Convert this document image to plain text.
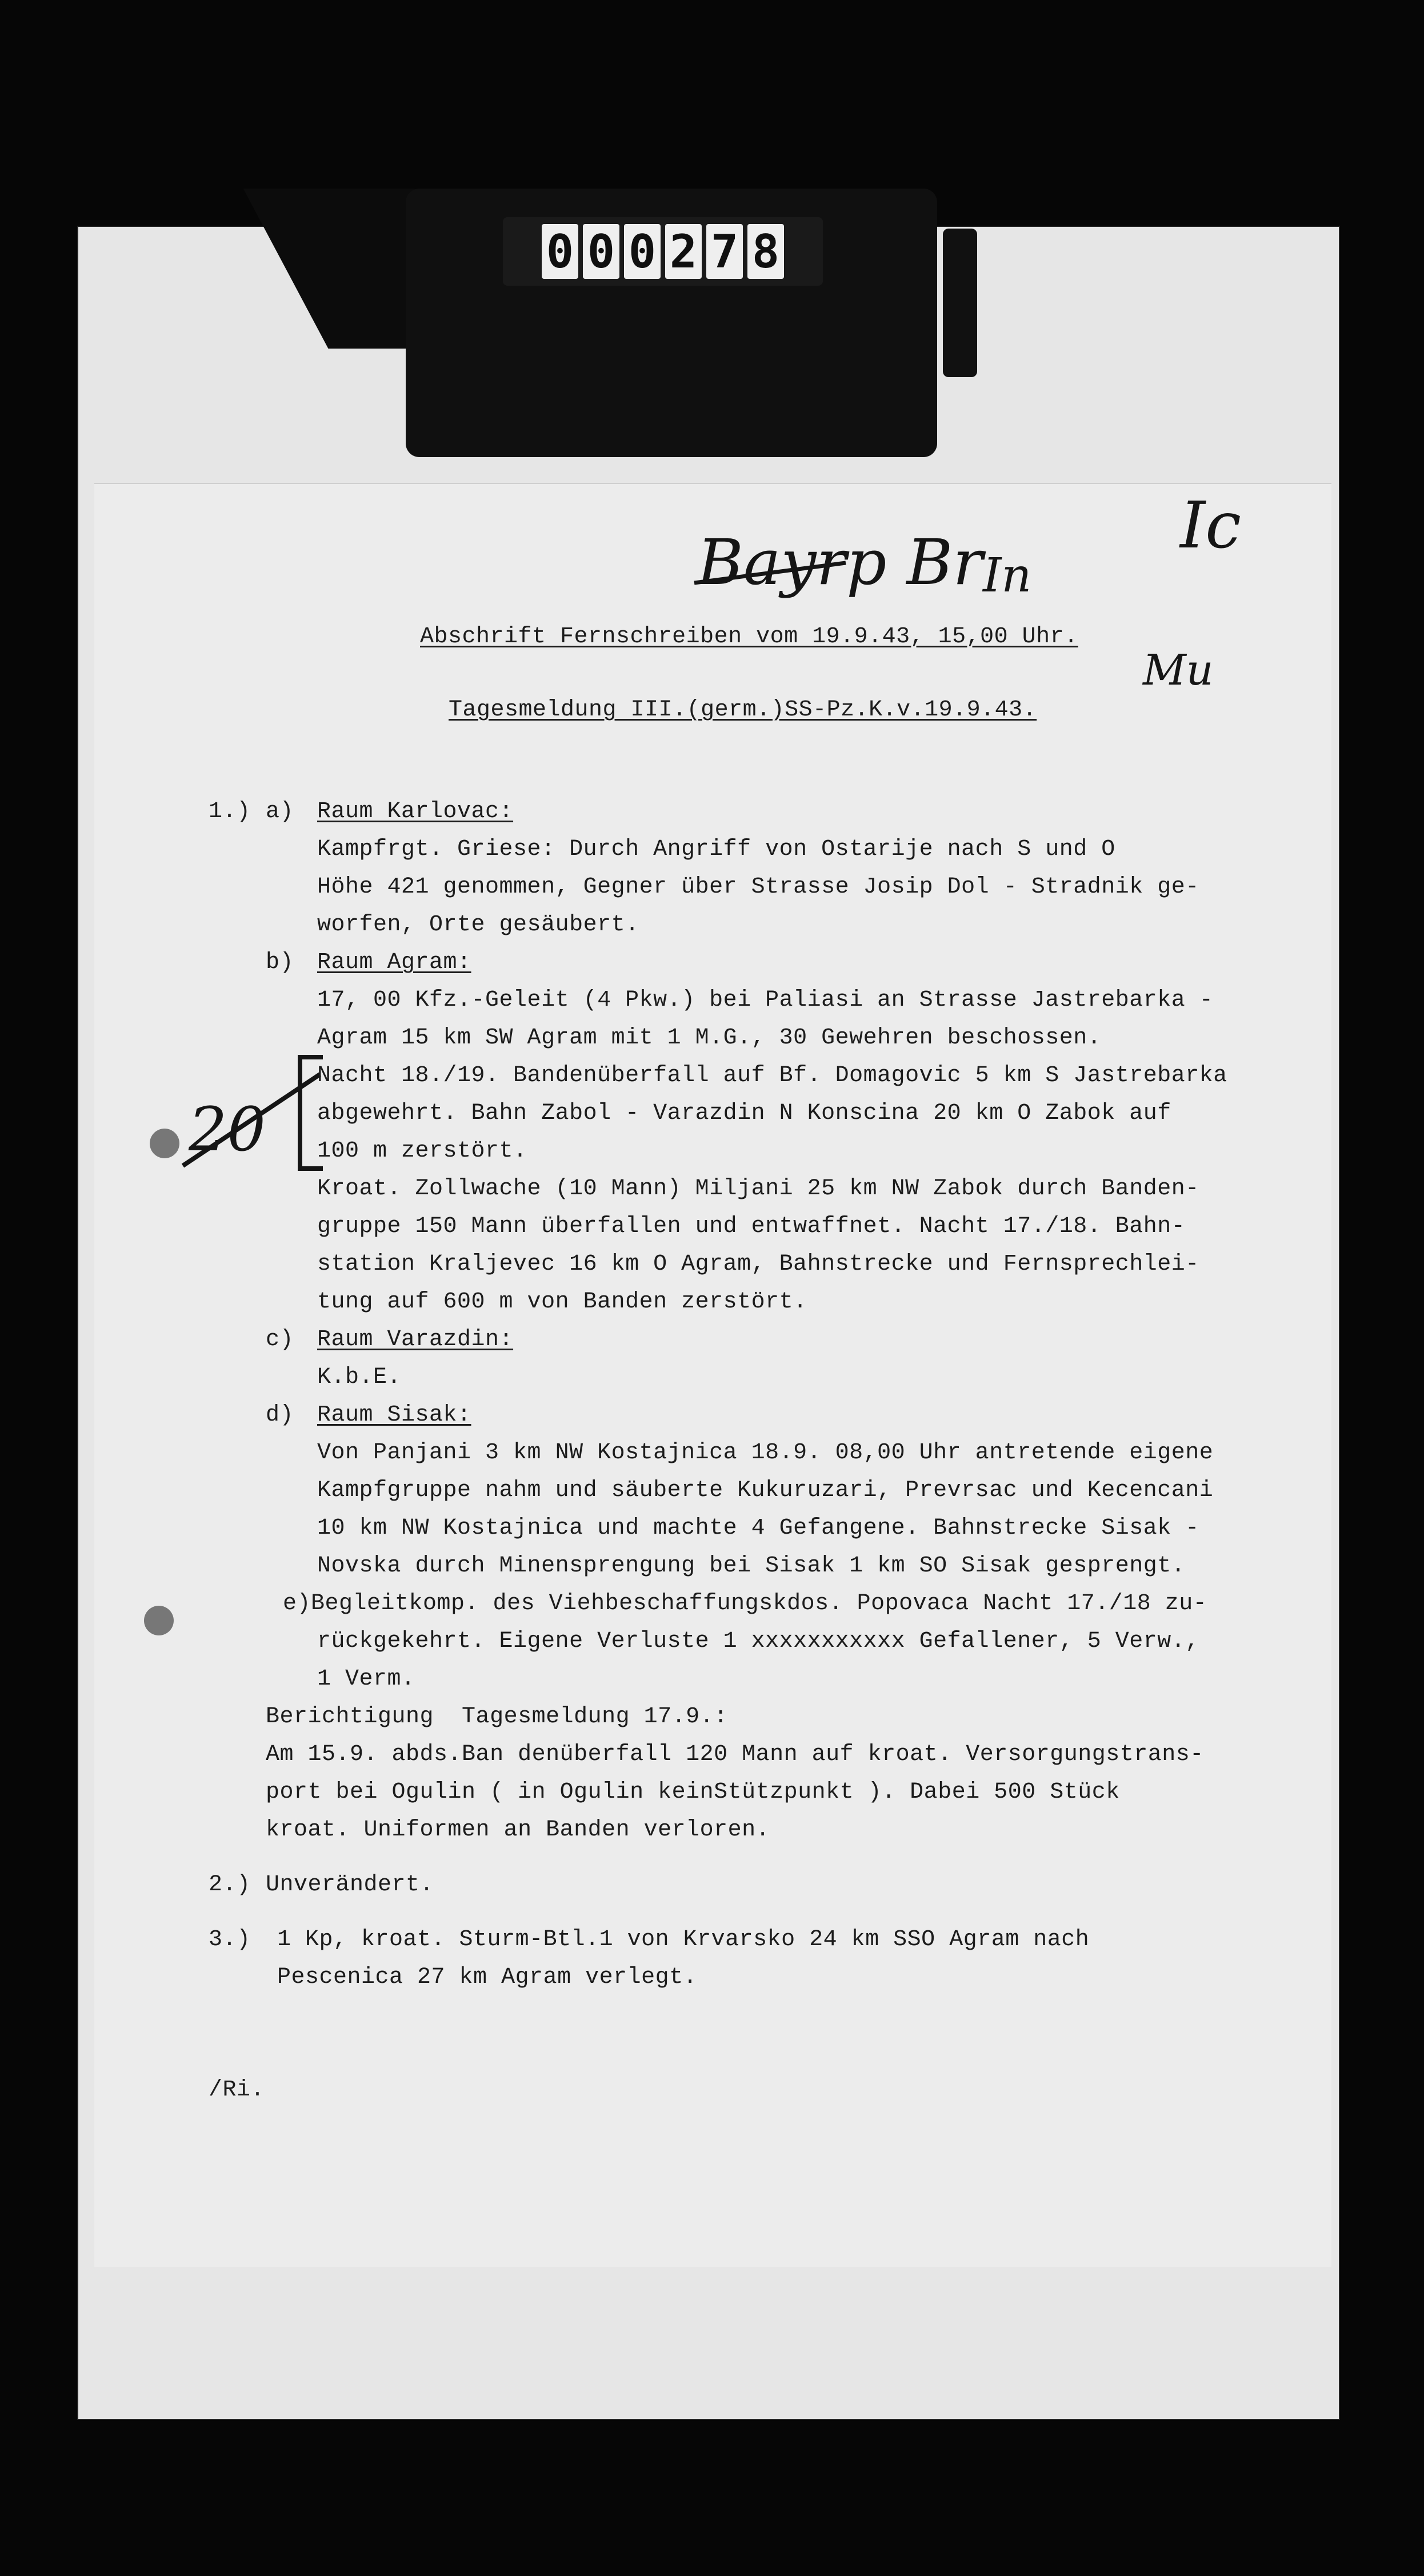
0 0 0 2 7 8
Bayrp Br In
Ic
Mu
20
Abschrift Fernschreiben vom 19.9.43, 15,00 Uhr.
Tagesmeldung III.(germ.)SS-Pz.K.v.19.9.43.
1.) a) Raum Karlovac:
Kampfrgt. Griese: Durch Angriff von Ostarije nach S und O
Höhe 421 genommen, Gegner über Strasse Josip Dol - Stradnik ge-
worfen, Orte gesäubert.
b) Raum Agram:
17, 00 Kfz.-Geleit (4 Pkw.) bei Paliasi an Strasse Jastrebarka -
Agram 15 km SW Agram mit 1 M.G., 30 Gewehren beschossen.
Nacht 18./19. Bandenüberfall auf Bf. Domagovic 5 km S Jastrebarka
abgewehrt. Bahn Zabol - Varazdin N Konscina 20 km O Zabok auf
100 m zerstört.
Kroat. Zollwache (10 Mann) Miljani 25 km NW Zabok durch Banden-
gruppe 150 Mann überfallen und entwaffnet. Nacht 17./18. Bahn-
station Kraljevec 16 km O Agram, Bahnstrecke und Fernsprechlei-
tung auf 600 m von Banden zerstört.
c) Raum Varazdin:
K.b.E.
d) Raum Sisak:
Von Panjani 3 km NW Kostajnica 18.9. 08,00 Uhr antretende eigene
Kampfgruppe nahm und säuberte Kukuruzari, Prevrsac und Kecencani
10 km NW Kostajnica und machte 4 Gefangene. Bahnstrecke Sisak -
Novska durch Minensprengung bei Sisak 1 km SO Sisak gesprengt.
e)Begleitkomp. des Viehbeschaffungskdos. Popovaca Nacht 17./18 zu-
rückgekehrt. Eigene Verluste 1 xxxxxxxxxxx Gefallener, 5 Verw.,
1 Verm.
Berichtigung  Tagesmeldung 17.9.:
Am 15.9. abds.Ban denüberfall 120 Mann auf kroat. Versorgungstrans-
port bei Ogulin ( in Ogulin keinStützpunkt ). Dabei 500 Stück
kroat. Uniformen an Banden verloren.
2.) Unverändert.
3.) 1 Kp, kroat. Sturm-Btl.1 von Krvarsko 24 km SSO Agram nach
Pescenica 27 km Agram verlegt.
/Ri.
